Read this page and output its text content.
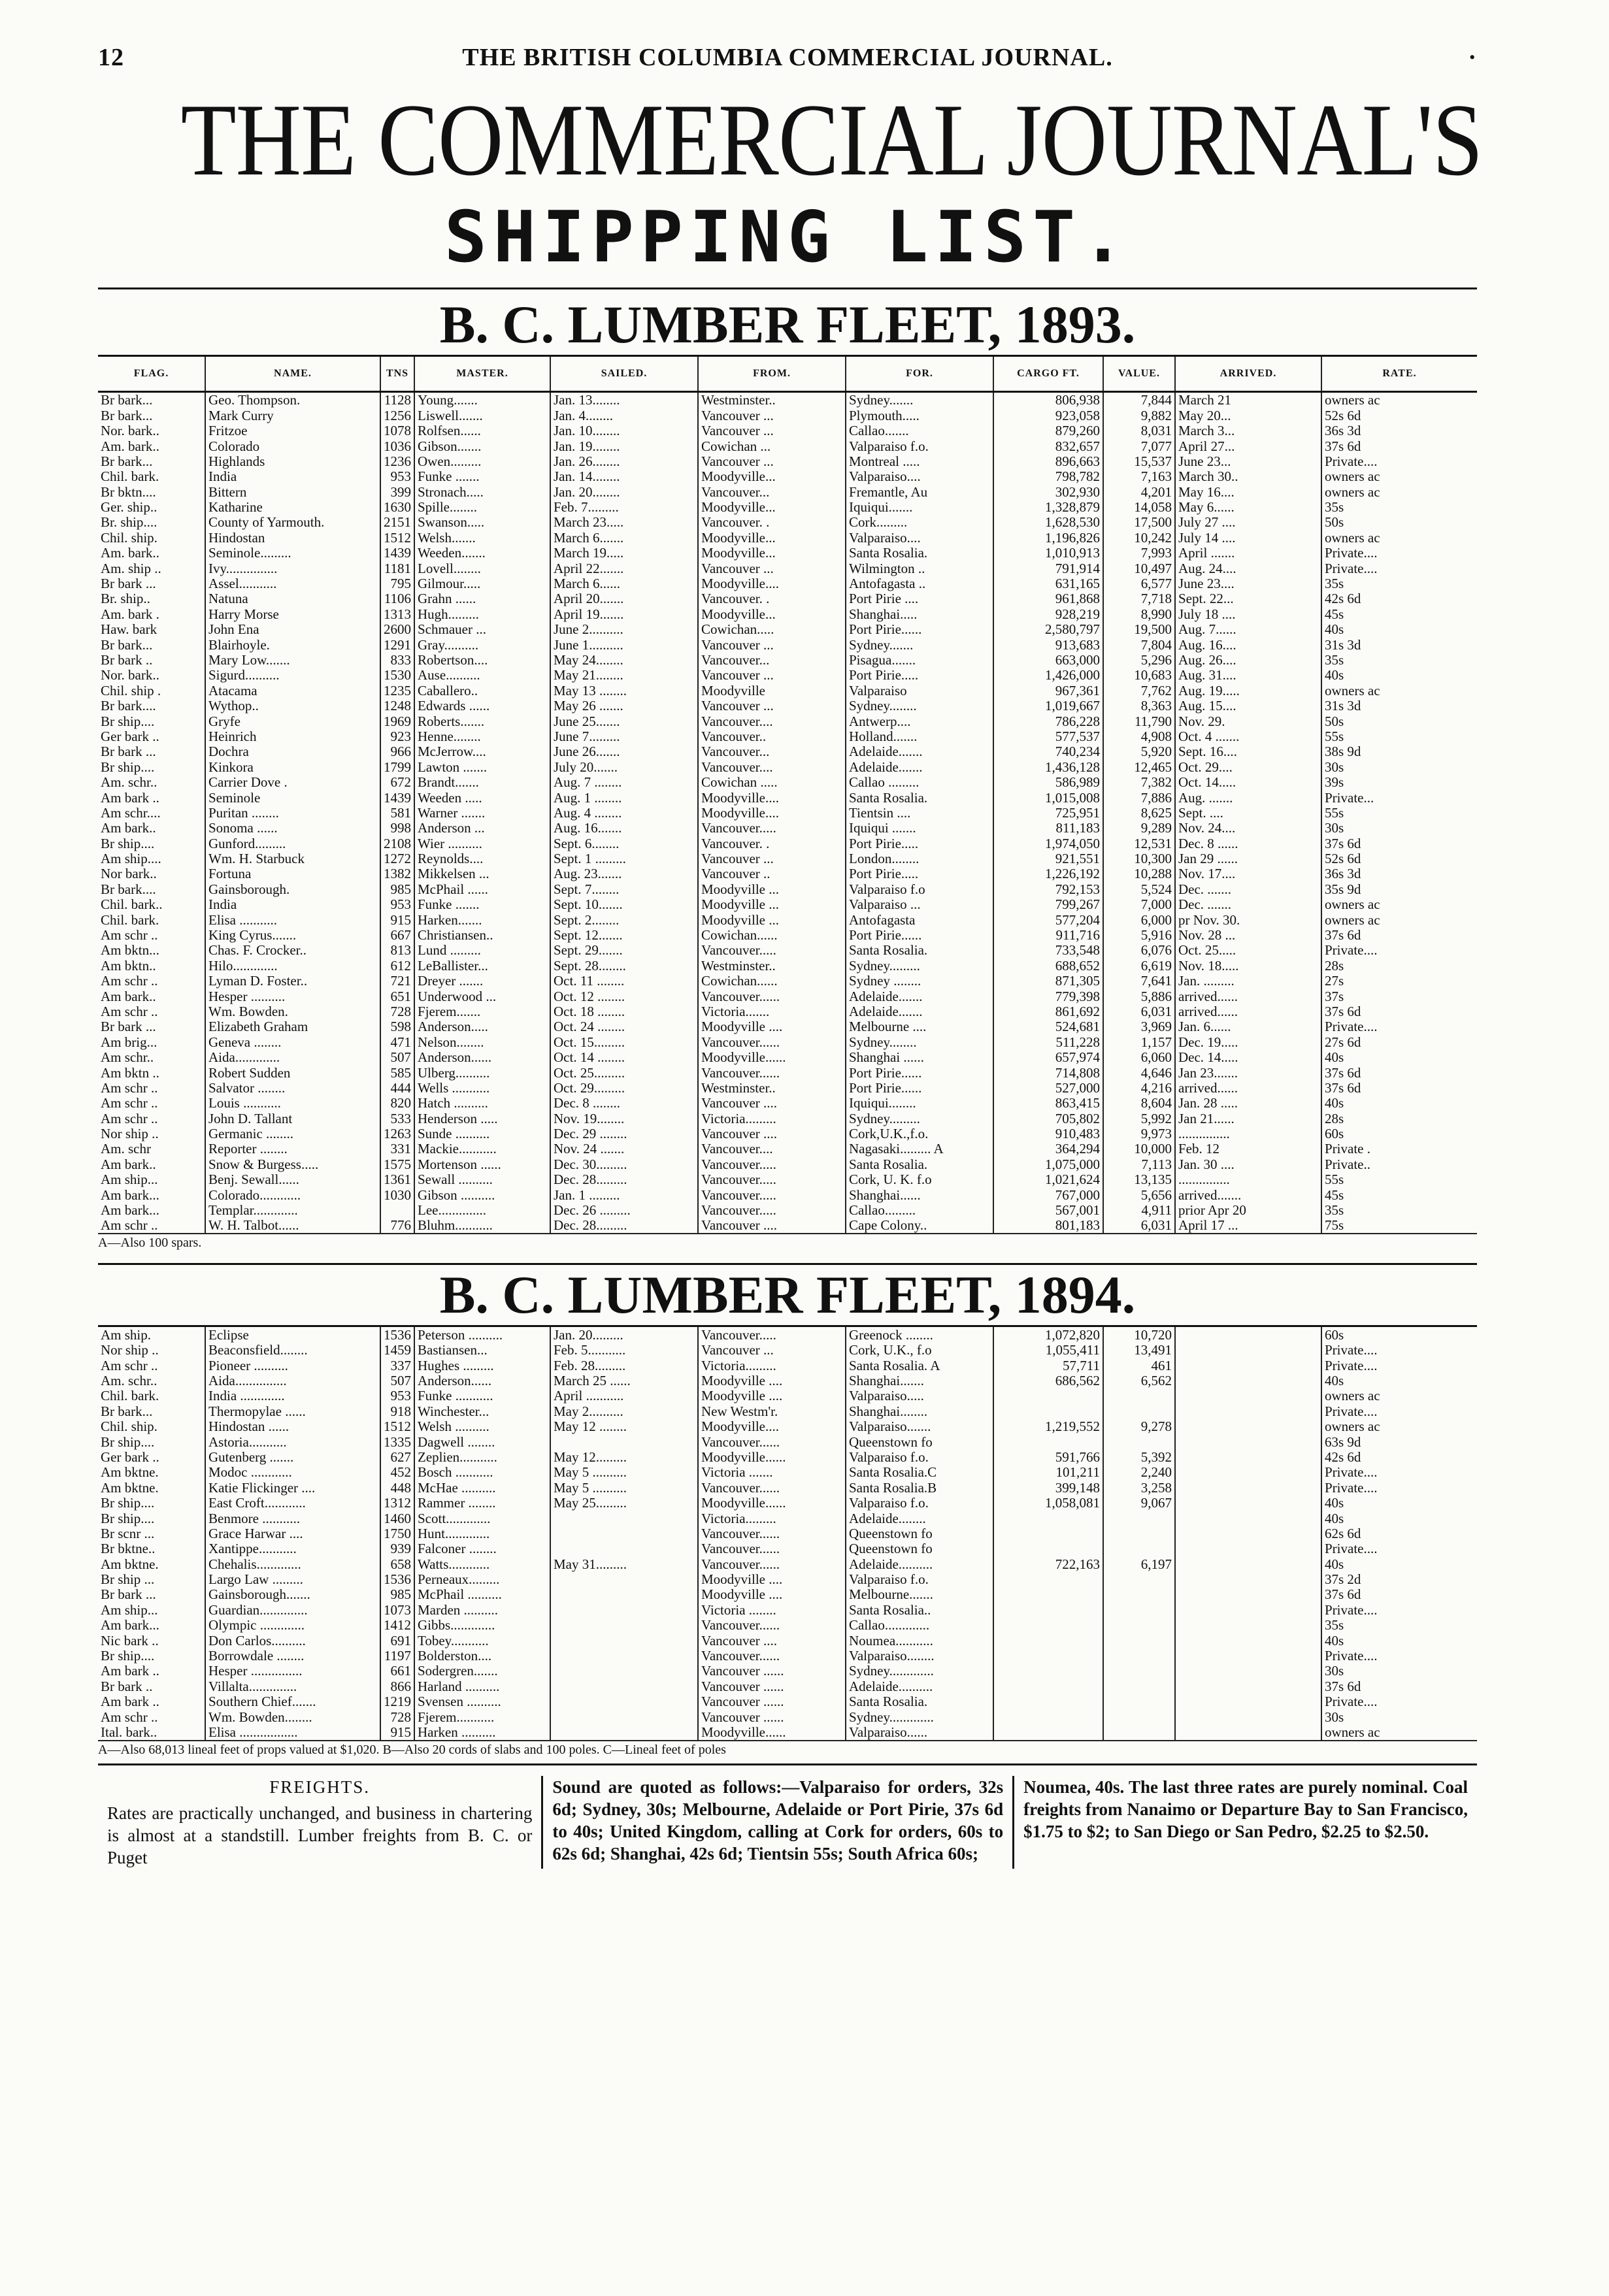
12	THE BRITISH COLUMBIA COMMERCIAL JOURNAL.	·
THE COMMERCIAL JOURNAL'S
SHIPPING LIST.
B. C. LUMBER FLEET, 1893.
FLAG.	NAME.	TNS	MASTER.	SAILED.	FROM.	FOR.	CARGO FT.	VALUE.	ARRIVED.	RATE.
Br bark...	Geo. Thompson.	1128	Young.......	Jan. 13........	Westminster..	Sydney.......	806,938	7,844	March 21	owners ac
Br bark...	Mark Curry	1256	Liswell.......	Jan. 4........	Vancouver ...	Plymouth.....	923,058	9,882	May 20...	52s 6d
Nor. bark..	Fritzoe	1078	Rolfsen......	Jan. 10........	Vancouver ...	Callao.......	879,260	8,031	March 3...	36s 3d
Am. bark..	Colorado	1036	Gibson.......	Jan. 19........	Cowichan ...	Valparaiso f.o.	832,657	7,077	April 27...	37s 6d
Br bark...	Highlands	1236	Owen.........	Jan. 26........	Vancouver ...	Montreal .....	896,663	15,537	June 23...	Private....
Chil. bark.	India	953	Funke .......	Jan. 14........	Moodyville...	Valparaiso....	798,782	7,163	March 30..	owners ac
Br bktn....	Bittern	399	Stronach.....	Jan. 20........	Vancouver...	Fremantle, Au	302,930	4,201	May 16....	owners ac
Ger. ship..	Katharine	1630	Spille........	Feb. 7.........	Moodyville...	Iquiqui.......	1,328,879	14,058	May 6......	35s
Br. ship....	County of Yarmouth.	2151	Swanson.....	March 23.....	Vancouver. .	Cork.........	1,628,530	17,500	July 27 ....	50s
Chil. ship.	Hindostan	1512	Welsh.......	March 6.......	Moodyville...	Valparaiso....	1,196,826	10,242	July 14 ....	owners ac
Am. bark..	Seminole.........	1439	Weeden.......	March 19.....	Moodyville...	Santa Rosalia.	1,010,913	7,993	April .......	Private....
Am. ship ..	Ivy...............	1181	Lovell........	April 22.......	Vancouver ...	Wilmington ..	791,914	10,497	Aug. 24....	Private....
Br bark ...	Assel...........	795	Gilmour.....	March 6......	Moodyville....	Antofagasta ..	631,165	6,577	June 23....	35s
Br. ship..	Natuna	1106	Grahn ......	April 20.......	Vancouver. .	Port Pirie ....	961,868	7,718	Sept. 22...	42s 6d
Am. bark .	Harry Morse	1313	Hugh.........	April 19.......	Moodyville...	Shanghai.....	928,219	8,990	July 18 ....	45s
Haw. bark	John Ena	2600	Schmauer ...	June 2..........	Cowichan.....	Port Pirie......	2,580,797	19,500	Aug. 7......	40s
Br bark...	Blairhoyle.	1291	Gray..........	June 1..........	Vancouver ...	Sydney.......	913,683	7,804	Aug. 16....	31s 3d
Br bark ..	Mary Low.......	833	Robertson....	May 24........	Vancouver...	Pisagua.......	663,000	5,296	Aug. 26....	35s
Nor. bark..	Sigurd..........	1530	Ause..........	May 21........	Vancouver ...	Port Pirie.....	1,426,000	10,683	Aug. 31....	40s
Chil. ship .	Atacama	1235	Caballero..	May 13 ........	Moodyville	Valparaiso	967,361	7,762	Aug. 19.....	owners ac
Br bark....	Wythop..	1248	Edwards ......	May 26 .......	Vancouver ...	Sydney........	1,019,667	8,363	Aug. 15....	31s 3d
Br ship....	Gryfe	1969	Roberts.......	June 25.......	Vancouver....	Antwerp....	786,228	11,790	Nov. 29.	50s
Ger bark ..	Heinrich	923	Henne........	June 7.........	Vancouver..	Holland.......	577,537	4,908	Oct. 4 .......	55s
Br bark ...	Dochra	966	McJerrow....	June 26.......	Vancouver...	Adelaide.......	740,234	5,920	Sept. 16....	38s 9d
Br ship....	Kinkora	1799	Lawton .......	July 20.......	Vancouver....	Adelaide.......	1,436,128	12,465	Oct. 29....	30s
Am. schr..	Carrier Dove .	672	Brandt.......	Aug. 7 ........	Cowichan .....	Callao .........	586,989	7,382	Oct. 14.....	39s
Am bark ..	Seminole	1439	Weeden .....	Aug. 1 ........	Moodyville....	Santa Rosalia.	1,015,008	7,886	Aug. .......	Private...
Am schr....	Puritan ........	581	Warner .......	Aug. 4 ........	Moodyville....	Tientsin ....	725,951	8,625	Sept. ....	55s
Am bark..	Sonoma ......	998	Anderson ...	Aug. 16.......	Vancouver.....	Iquiqui .......	811,183	9,289	Nov. 24....	30s
Br ship....	Gunford.........	2108	Wier ..........	Sept. 6........	Vancouver. .	Port Pirie.....	1,974,050	12,531	Dec. 8 ......	37s 6d
Am ship....	Wm. H. Starbuck	1272	Reynolds....	Sept. 1 .........	Vancouver ...	London........	921,551	10,300	Jan 29 ......	52s 6d
Nor bark..	Fortuna	1382	Mikkelsen ...	Aug. 23.......	Vancouver ..	Port Pirie.....	1,226,192	10,288	Nov. 17....	36s 3d
Br bark....	Gainsborough.	985	McPhail ......	Sept. 7........	Moodyville ...	Valparaiso f.o	792,153	5,524	Dec. .......	35s 9d
Chil. bark..	India	953	Funke .......	Sept. 10.......	Moodyville ...	Valparaiso ...	799,267	7,000	Dec. .......	owners ac
Chil. bark.	Elisa ...........	915	Harken.......	Sept. 2........	Moodyville ...	Antofagasta	577,204	6,000	pr Nov. 30.	owners ac
Am schr ..	King Cyrus.......	667	Christiansen..	Sept. 12.......	Cowichan......	Port Pirie......	911,716	5,916	Nov. 28 ...	37s 6d
Am bktn...	Chas. F. Crocker..	813	Lund .........	Sept. 29.......	Vancouver.....	Santa Rosalia.	733,548	6,076	Oct. 25.....	Private....
Am bktn..	Hilo.............	612	LeBallister...	Sept. 28........	Westminster..	Sydney.........	688,652	6,619	Nov. 18.....	28s
Am schr ..	Lyman D. Foster..	721	Dreyer .......	Oct. 11 ........	Cowichan......	Sydney ........	871,305	7,641	Jan. .........	27s
Am bark..	Hesper ..........	651	Underwood ...	Oct. 12 ........	Vancouver......	Adelaide.......	779,398	5,886	arrived......	37s
Am schr ..	Wm. Bowden.	728	Fjerem.......	Oct. 18 ........	Victoria.......	Adelaide.......	861,692	6,031	arrived......	37s 6d
Br bark ...	Elizabeth Graham	598	Anderson.....	Oct. 24 ........	Moodyville ....	Melbourne ....	524,681	3,969	Jan. 6......	Private....
Am brig...	Geneva ........	471	Nelson........	Oct. 15.........	Vancouver......	Sydney........	511,228	1,157	Dec. 19.....	27s 6d
Am schr..	Aida.............	507	Anderson......	Oct. 14 ........	Moodyville......	Shanghai ......	657,974	6,060	Dec. 14.....	40s
Am bktn ..	Robert Sudden	585	Ulberg..........	Oct. 25.........	Vancouver......	Port Pirie......	714,808	4,646	Jan 23.......	37s 6d
Am schr ..	Salvator ........	444	Wells ...........	Oct. 29.........	Westminster..	Port Pirie......	527,000	4,216	arrived......	37s 6d
Am schr ..	Louis ...........	820	Hatch ..........	Dec. 8 ........	Vancouver ....	Iquiqui........	863,415	8,604	Jan. 28 .....	40s
Am schr ..	John D. Tallant	533	Henderson .....	Nov. 19........	Victoria.........	Sydney.........	705,802	5,992	Jan 21......	28s
Nor ship ..	Germanic ........	1263	Sunde ..........	Dec. 29 ........	Vancouver ....	Cork,U.K.,f.o.	910,483	9,973	...............	60s
Am. schr	Reporter ........	331	Mackie...........	Nov. 24 .......	Vancouver....	Nagasaki......... A	364,294	10,000	Feb. 12	Private .
Am bark..	Snow & Burgess.....	1575	Mortenson ......	Dec. 30.........	Vancouver.....	Santa Rosalia.	1,075,000	7,113	Jan. 30 ....	Private..
Am ship...	Benj. Sewall......	1361	Sewall ..........	Dec. 28.........	Vancouver.....	Cork, U. K. f.o	1,021,624	13,135	...............	55s
Am bark...	Colorado............	1030	Gibson ..........	Jan. 1 .........	Vancouver.....	Shanghai......	767,000	5,656	arrived.......	45s
Am bark...	Templar.............		Lee..............	Dec. 26 .........	Vancouver.....	Callao.........	567,001	4,911	prior Apr 20	35s
Am schr ..	W. H. Talbot......	776	Bluhm...........	Dec. 28.........	Vancouver ....	Cape Colony..	801,183	6,031	April 17 ...	75s
A—Also 100 spars.
B. C. LUMBER FLEET, 1894.
Am ship.	Eclipse	1536	Peterson ..........	Jan. 20.........	Vancouver.....	Greenock ........	1,072,820	10,720		60s
Nor ship ..	Beaconsfield........	1459	Bastiansen...	Feb. 5...........	Vancouver ...	Cork, U.K., f.o	1,055,411	13,491		Private....
Am schr ..	Pioneer ..........	337	Hughes .........	Feb. 28.........	Victoria.........	Santa Rosalia. A	57,711	461		Private....
Am. schr..	Aida...............	507	Anderson......	March 25 ......	Moodyville ....	Shanghai.......	686,562	6,562		40s
Chil. bark.	India .............	953	Funke ...........	April ...........	Moodyville ....	Valparaiso.....				owners ac
Br bark...	Thermopylae ......	918	Winchester...	May 2..........	New Westm'r.	Shanghai........				Private....
Chil. ship.	Hindostan ......	1512	Welsh ..........	May 12 ........	Moodyville....	Valparaiso.......	1,219,552	9,278		owners ac
Br ship....	Astoria...........	1335	Dagwell ........		Vancouver......	Queenstown fo				63s 9d
Ger bark ..	Gutenberg .......	627	Zeplien...........	May 12.........	Moodyville......	Valparaiso f.o.	591,766	5,392		42s 6d
Am bktne.	Modoc ............	452	Bosch ...........	May 5 ..........	Victoria .......	Santa Rosalia.C	101,211	2,240		Private....
Am bktne.	Katie Flickinger ....	448	McHae ..........	May 5 ..........	Vancouver......	Santa Rosalia.B	399,148	3,258		Private....
Br ship....	East Croft............	1312	Rammer ........	May 25.........	Moodyville......	Valparaiso f.o.	1,058,081	9,067		40s
Br ship....	Benmore ...........	1460	Scott.............		Victoria.........	Adelaide........				40s
Br scnr ...	Grace Harwar ....	1750	Hunt.............		Vancouver......	Queenstown fo				62s 6d
Br bktne..	Xantippe...........	939	Falconer ........		Vancouver......	Queenstown fo				Private....
Am bktne.	Chehalis.............	658	Watts............	May 31.........	Vancouver......	Adelaide..........	722,163	6,197		40s
Br ship ...	Largo Law .........	1536	Perneaux.........		Moodyville ....	Valparaiso f.o.				37s 2d
Br bark ...	Gainsborough.......	985	McPhail ..........		Moodyville ....	Melbourne.......				37s 6d
Am ship...	Guardian..............	1073	Marden ..........		Victoria ........	Santa Rosalia..				Private....
Am bark...	Olympic .............	1412	Gibbs.............		Vancouver......	Callao.............				35s
Nic bark ..	Don Carlos..........	691	Tobey...........		Vancouver ....	Noumea...........				40s
Br ship....	Borrowdale ........	1197	Bolderston....		Vancouver......	Valparaiso........				Private....
Am bark ..	Hesper ...............	661	Sodergren.......		Vancouver ......	Sydney.............				30s
Br bark ..	Villalta..............	866	Harland ..........		Vancouver ......	Adelaide..........				37s 6d
Am bark ..	Southern Chief.......	1219	Svensen ..........		Vancouver ......	Santa Rosalia.				Private....
Am schr ..	Wm. Bowden........	728	Fjerem...........		Vancouver ......	Sydney.............				30s
Ital. bark..	Elisa .................	915	Harken ..........		Moodyville......	Valparaiso......				owners ac
A—Also 68,013 lineal feet of props valued at $1,020. B—Also 20 cords of slabs and 100 poles. C—Lineal feet of poles
FREIGHTS.

Rates are practically unchanged, and business in chartering is almost at a standstill. Lumber freights from B. C. or Puget

Sound are quoted as follows:—Valparaiso for orders, 32s 6d; Sydney, 30s; Melbourne, Adelaide or Port Pirie, 37s 6d to 40s; United Kingdom, calling at Cork for orders, 60s to 62s 6d; Shanghai, 42s 6d; Tientsin 55s; South Africa 60s;

Noumea, 40s. The last three rates are purely nominal. Coal freights from Nanaimo or Departure Bay to San Francisco, $1.75 to $2; to San Diego or San Pedro, $2.25 to $2.50.
